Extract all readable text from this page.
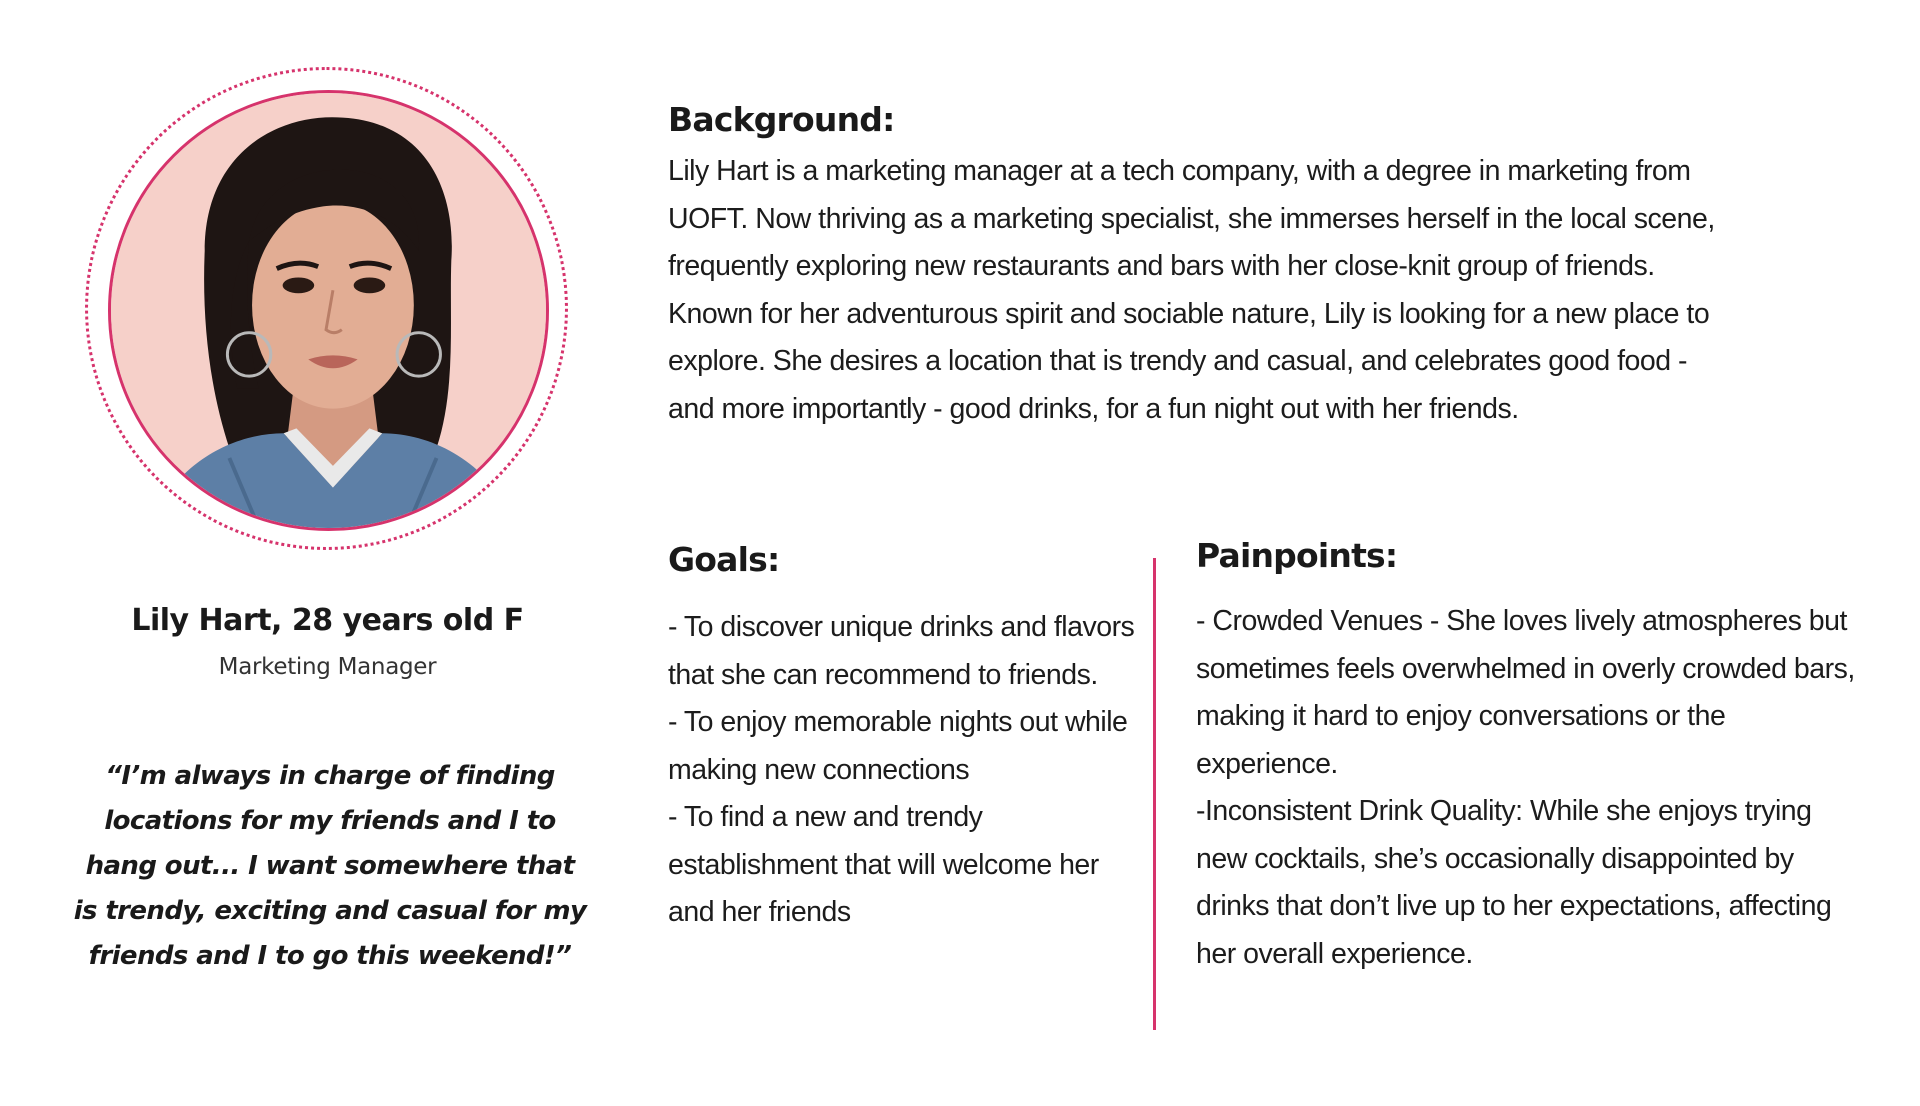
Lily Hart, 28 years old F
Marketing Manager
“I’m always in charge of finding locations for my friends and I to hang out... I want somewhere that is trendy, exciting and casual for my friends and I to go this weekend!”
Background:

Lily Hart is a marketing manager at a tech company, with a degree in marketing from UOFT. Now thriving as a marketing specialist, she immerses herself in the local scene, frequently exploring new restaurants and bars with her close-knit group of friends. Known for her adventurous spirit and sociable nature, Lily is looking for a new place to explore. She desires a location that is trendy and casual, and celebrates good food - and more importantly - good drinks, for a fun night out with her friends.

Goals:
- To discover unique drinks and flavors that she can recommend to friends.
- To enjoy memorable nights out while making new connections
- To find a new and trendy establishment that will welcome her and her friends
Painpoints:
- Crowded Venues - She loves lively atmospheres but sometimes feels overwhelmed in overly crowded bars, making it hard to enjoy conversations or the experience.
-Inconsistent Drink Quality: While she enjoys trying new cocktails, she’s occasionally disappointed by drinks that don’t live up to her expectations, affecting her overall experience.
